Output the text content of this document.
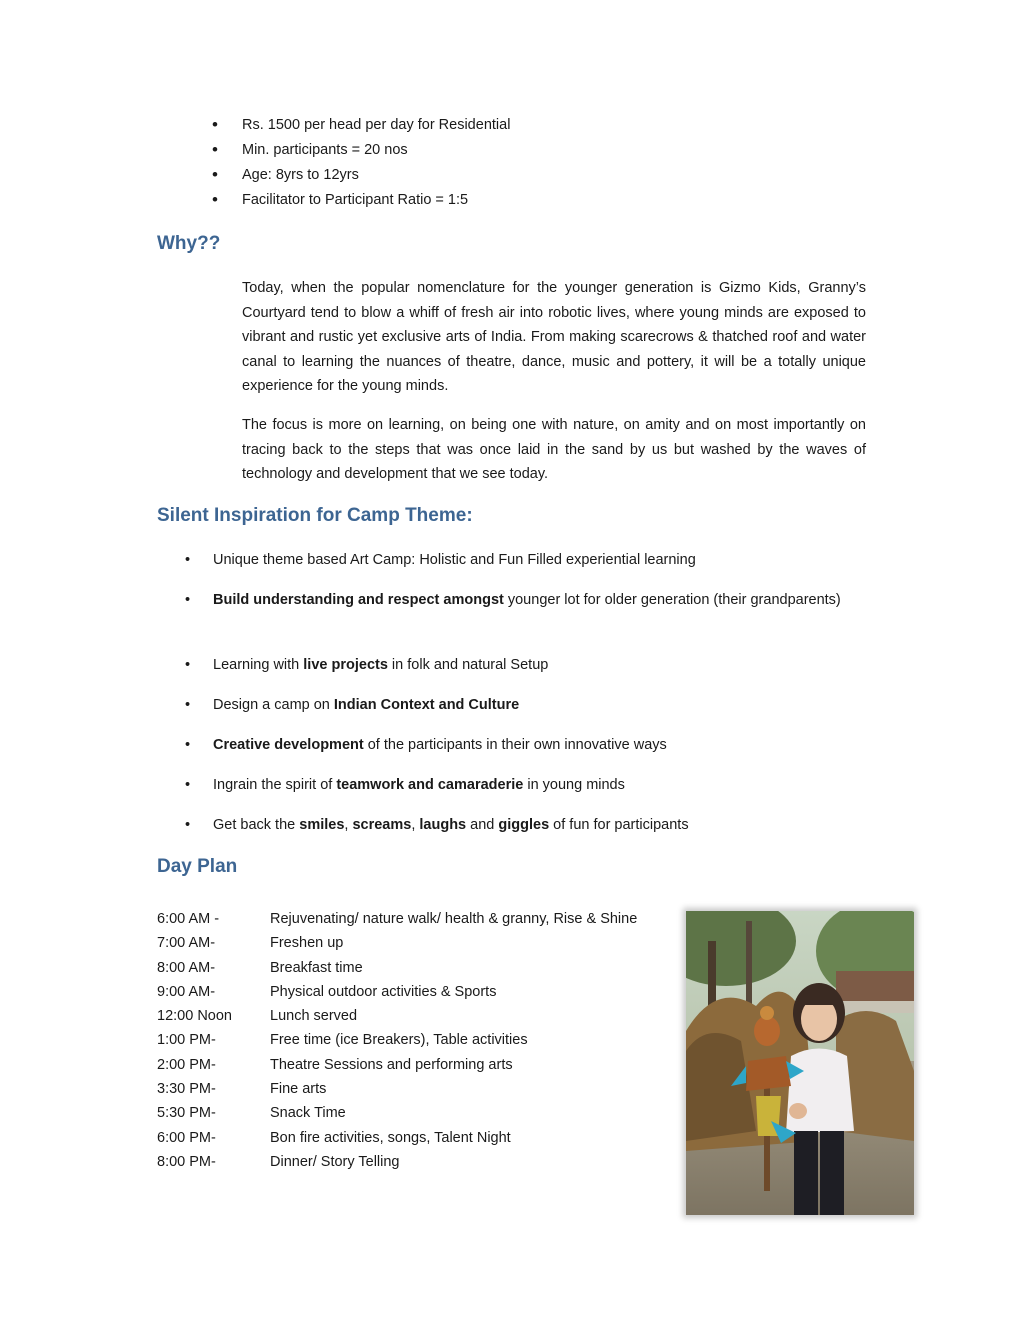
• Rs. 1500 per head per day for Residential
• Min. participants = 20 nos
• Age: 8yrs to 12yrs
• Facilitator to Participant Ratio = 1:5
Why??

Today, when the popular nomenclature for the younger generation is Gizmo Kids, Granny’s Courtyard tend to blow a whiff of fresh air into robotic lives, where young minds are exposed to vibrant and rustic yet exclusive arts of India. From making scarecrows & thatched roof and water canal to learning the nuances of theatre, dance, music and pottery, it will be a totally unique experience for the young minds.

The focus is more on learning, on being one with nature, on amity and on most importantly on tracing back to the steps that was once laid in the sand by us but washed by the waves of technology and development that we see today.

Silent Inspiration for Camp Theme:
•	Unique theme based Art Camp: Holistic and Fun Filled experiential learning
•	Build understanding and respect amongst younger lot for older generation (their grandparents)
•	Learning with live projects in folk and natural Setup
•	Design a camp on Indian Context and Culture
•	Creative development of the participants in their own innovative ways
•	Ingrain the spirit of teamwork and camaraderie in young minds
•	Get back the smiles, screams, laughs and giggles of fun for participants
Day Plan
6:00 AM -	Rejuvenating/ nature walk/ health & granny, Rise & Shine
7:00 AM-	Freshen up
8:00 AM-	Breakfast time
9:00 AM-	Physical outdoor activities & Sports
12:00 Noon	Lunch served
1:00 PM-	Free time (ice Breakers), Table activities
2:00 PM-	Theatre Sessions and performing arts
3:30 PM-	Fine arts
5:30 PM-	Snack Time
6:00 PM-	Bon fire activities, songs, Talent Night
8:00 PM-	Dinner/ Story Telling
